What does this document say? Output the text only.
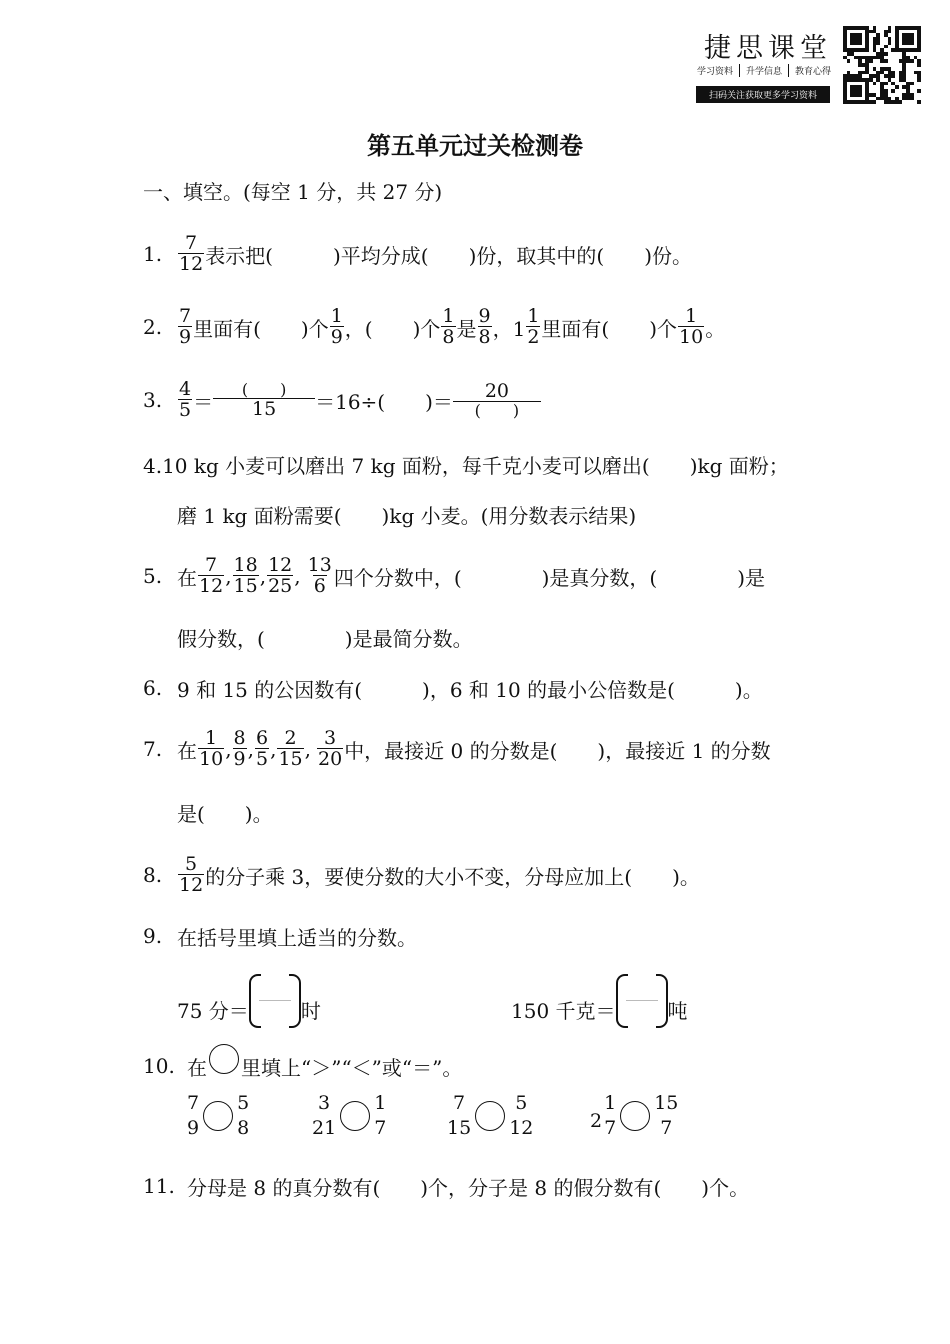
捷思课堂
学习资料 升学信息 教育心得
扫码关注获取更多学习资料
第五单元过关检测卷
一、填空。(每空 1 分，共 27 分)
1. $\frac{7}{12}$ 表示把(　　　)平均分成(　　)份，取其中的(　　)份。
2. $\frac{7}{9}$ 里面有(　　)个 $\frac{1}{9}$ ，(　　)个 $\frac{1}{8}$ 是 $\frac{9}{8}$ ，$1 \frac{1}{2}$ 里面有(　　)个 $\frac{1}{10}$ 。
3. $\frac{4}{5} = \frac{( )}{15} =16\div$(　　)＝ $\frac{20}{( )}$
4.10 kg 小麦可以磨出 7 kg 面粉，每千克小麦可以磨出(　　)kg 面粉；
磨 1 kg 面粉需要(　　)kg 小麦。(用分数表示结果)
5. 在 $\frac{7}{12}$ , $\frac{18}{15}$ , $\frac{12}{25}$ , $\frac{13}{6}$ 四个分数中，(　　　　)是真分数，(　　　　)是
假分数，(　　　　)是最简分数。
6. 9 和 15 的公因数有(　　　)，6 和 10 的最小公倍数是(　　　)。
7. 在 $\frac{1}{10}$ , $\frac{8}{9}$ , $\frac{6}{5}$ , $\frac{2}{15}$ , $\frac{3}{20}$ 中，最接近 0 的分数是(　　)，最接近 1 的分数
是(　　)。
8. $\frac{5}{12}$ 的分子乘 3，要使分数的大小不变，分母应加上(　　)。
9. 在括号里填上适当的分数。
75 分＝	时	150 千克＝	吨
10. 在 里填上“＞”“＜”或“＝”。
7
9
5
8
3
21
1
7
7
15
5
12	2
1
7
15
7
11. 分母是 8 的真分数有(　　)个，分子是 8 的假分数有(　　)个。
